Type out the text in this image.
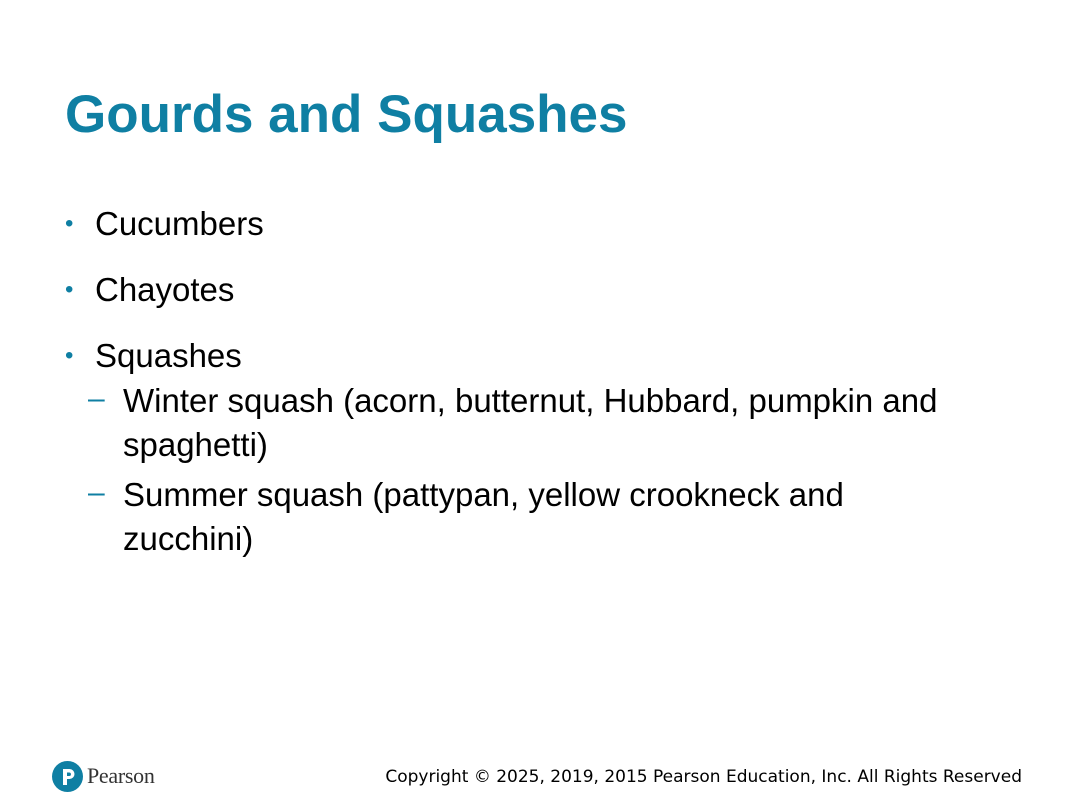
Gourds and Squashes
• Cucumbers
• Chayotes
• Squashes
– Winter squash (acorn, butternut, Hubbard, pumpkin and spaghetti)
– Summer squash (pattypan, yellow crookneck and zucchini)
Pearson	Copyright © 2025, 2019, 2015 Pearson Education, Inc. All Rights Reserved
